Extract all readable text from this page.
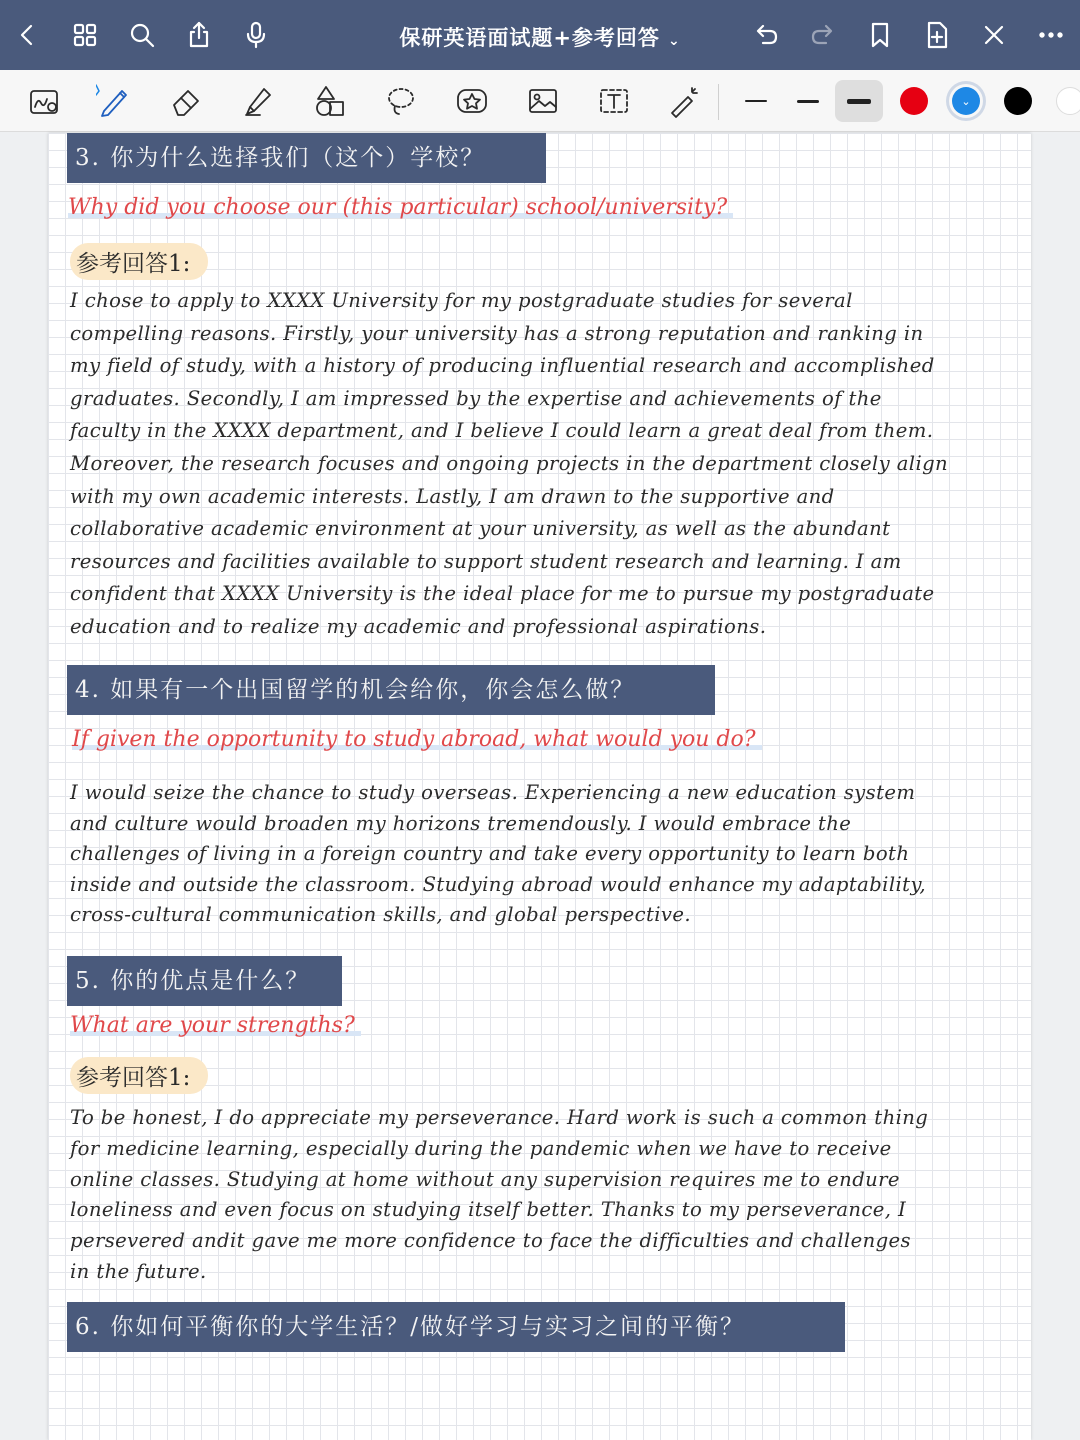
保研英语面试题+参考回答 ⌄
⌄
3. 你为什么选择我们（这个）学校？
Why did you choose our (this particular) school/university?
参考回答1:
I chose to apply to XXXX University for my postgraduate studies for several
compelling reasons. Firstly, your university has a strong reputation and ranking in
my field of study, with a history of producing influential research and accomplished
graduates. Secondly, I am impressed by the expertise and achievements of the
faculty in the XXXX department, and I believe I could learn a great deal from them.
Moreover, the research focuses and ongoing projects in the department closely align
with my own academic interests. Lastly, I am drawn to the supportive and
collaborative academic environment at your university, as well as the abundant
resources and facilities available to support student research and learning. I am
confident that XXXX University is the ideal place for me to pursue my postgraduate
education and to realize my academic and professional aspirations.
4. 如果有一个出国留学的机会给你，你会怎么做？
If given the opportunity to study abroad, what would you do?
I would seize the chance to study overseas. Experiencing a new education system
and culture would broaden my horizons tremendously. I would embrace the
challenges of living in a foreign country and take every opportunity to learn both
inside and outside the classroom. Studying abroad would enhance my adaptability,
cross-cultural communication skills, and global perspective.
5. 你的优点是什么？
What are your strengths?
参考回答1:
To be honest, I do appreciate my perseverance. Hard work is such a common thing
for medicine learning, especially during the pandemic when we have to receive
online classes. Studying at home without any supervision requires me to endure
loneliness and even focus on studying itself better. Thanks to my perseverance, I
persevered andit gave me more confidence to face the difficulties and challenges
in the future.
6. 你如何平衡你的大学生活？/做好学习与实习之间的平衡？
